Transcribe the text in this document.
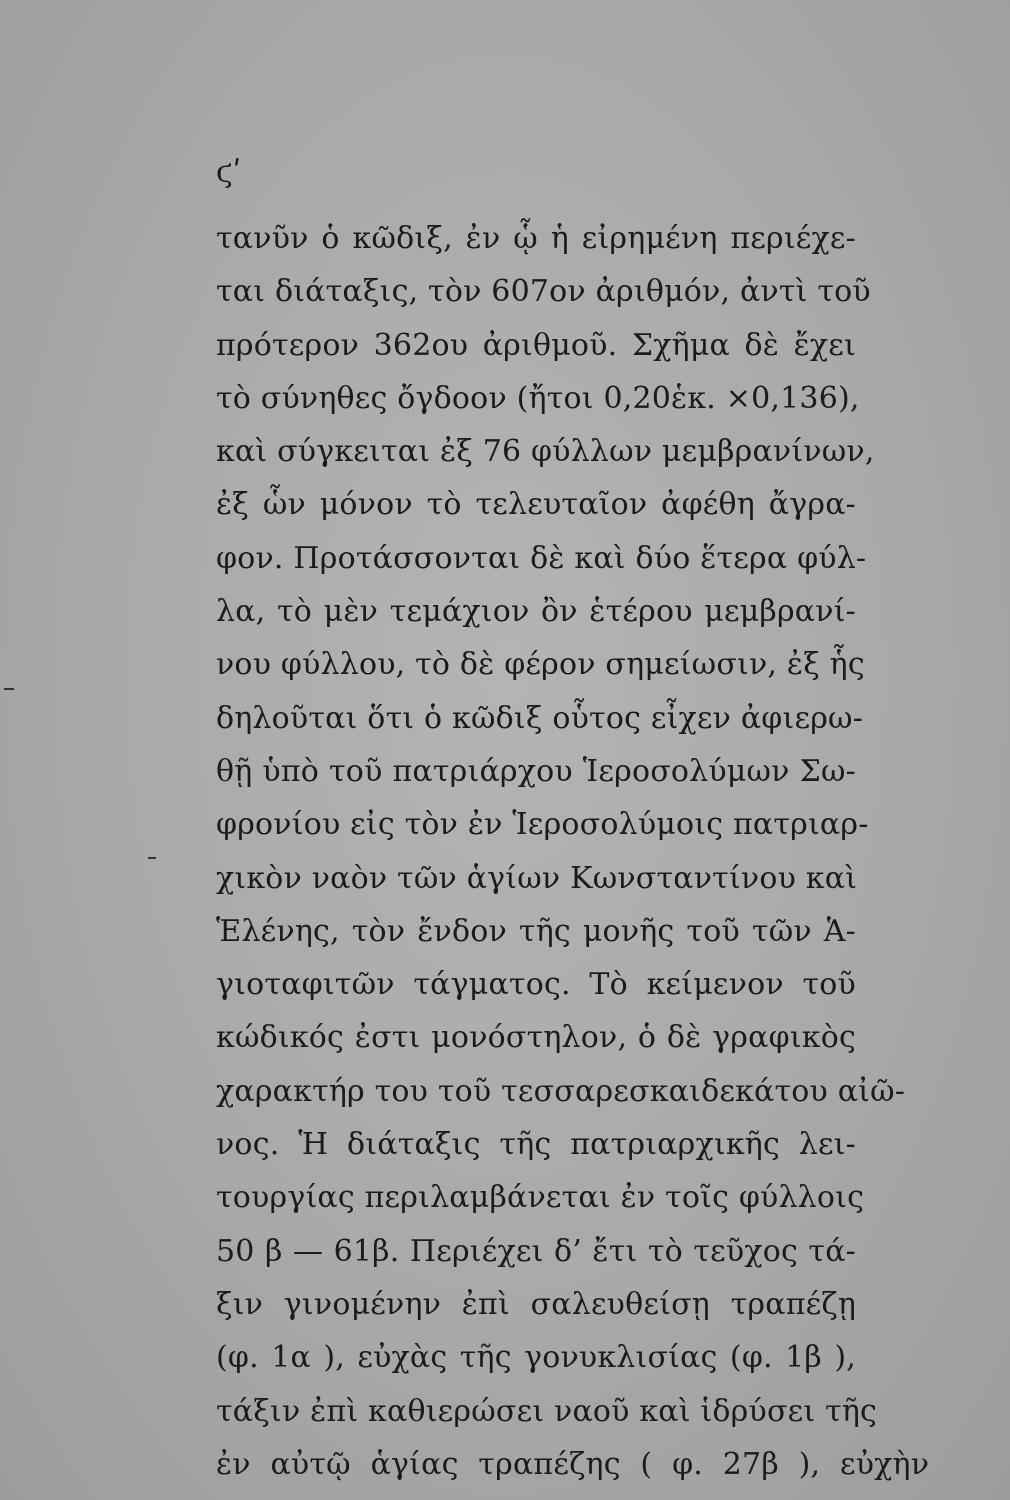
ϛʹ
τανῦν ὁ κῶδιξ, ἐν ᾧ ἡ εἰρημένη περιέχε-
ται διάταξις, τὸν 607ον ἀριθμόν, ἀντὶ τοῦ
πρότερον 362ου ἀριθμοῦ. Σχῆμα δὲ ἔχει
τὸ σύνηθες ὄγδοον (ἤτοι 0,20ἑκ. ×0,136),
καὶ σύγκειται ἐξ 76 φύλλων μεμβρανίνων,
ἐξ ὧν μόνον τὸ τελευταῖον ἀφέθη ἄγρα-
φον. Προτάσσονται δὲ καὶ δύο ἕτερα φύλ-
λα, τὸ μὲν τεμάχιον ὂν ἑτέρου μεμβρανί-
νου φύλλου, τὸ δὲ φέρον σημείωσιν, ἐξ ἧς
δηλοῦται ὅτι ὁ κῶδιξ οὗτος εἶχεν ἀφιερω-
θῇ ὑπὸ τοῦ πατριάρχου Ἱεροσολύμων Σω-
φρονίου εἰς τὸν ἐν Ἱεροσολύμοις πατριαρ-
χικὸν ναὸν τῶν ἁγίων Κωνσταντίνου καὶ
Ἑλένης, τὸν ἔνδον τῆς μονῆς τοῦ τῶν Ἁ-
γιοταφιτῶν τάγματος. Τὸ κείμενον τοῦ
κώδικός ἐστι μονόστηλον, ὁ δὲ γραφικὸς
χαρακτήρ του τοῦ τεσσαρεσκαιδεκάτου αἰῶ-
νος. Ἡ διάταξις τῆς πατριαρχικῆς λει-
τουργίας περιλαμβάνεται ἐν τοῖς φύλλοις
50 β — 61β. Περιέχει δ’ ἔτι τὸ τεῦχος τά-
ξιν γινομένην ἐπὶ σαλευθείσῃ τραπέζῃ
(φ. 1α ), εὐχὰς τῆς γονυκλισίας (φ. 1β ),
τάξιν ἐπὶ καθιερώσει ναοῦ καὶ ἱδρύσει τῆς
ἐν αὐτῷ ἁγίας τραπέζης ( φ. 27β ), εὐχὴν
